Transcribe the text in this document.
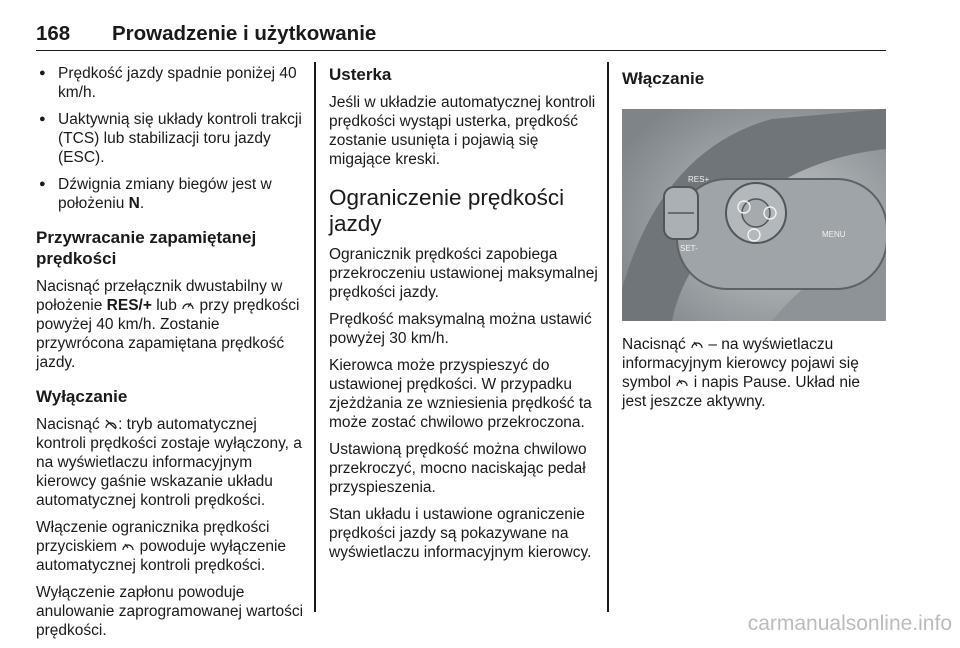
168 Prowadzenie i użytkowanie
● Prędkość jazdy spadnie poniżej 40 km/h.
● Uaktywnią się układy kontroli trakcji (TCS) lub stabilizacji toru jazdy (ESC).
● Dźwignia zmiany biegów jest w położeniu N.
Przywracanie zapamiętanej prędkości

Nacisnąć przełącznik dwustabilny w położenie RES/+ lub przy prędkości powyżej 40 km/h. Zostanie przywrócona zapamiętana prędkość jazdy.

Wyłączanie

Nacisnąć : tryb automatycznej kontroli prędkości zostaje wyłączony, a na wyświetlaczu informacyjnym kierowcy gaśnie wskazanie układu automatycznej kontroli prędkości.

Włączenie ogranicznika prędkości przyciskiem powoduje wyłączenie automatycznej kontroli prędkości.

Wyłączenie zapłonu powoduje anulowanie zaprogramowanej wartości prędkości.

Usterka

Jeśli w układzie automatycznej kontroli prędkości wystąpi usterka, prędkość zostanie usunięta i pojawią się migające kreski.

Ograniczenie prędkości jazdy

Ogranicznik prędkości zapobiega przekroczeniu ustawionej maksymalnej prędkości jazdy.

Prędkość maksymalną można ustawić powyżej 30 km/h.

Kierowca może przyspieszyć do ustawionej prędkości. W przypadku zjeżdżania ze wzniesienia prędkość ta może zostać chwilowo przekroczona.

Ustawioną prędkość można chwilowo przekroczyć, mocno naciskając pedał przyspieszenia.

Stan układu i ustawione ograniczenie prędkości jazdy są pokazywane na wyświetlaczu informacyjnym kierowcy.

Włączanie
RES+
SET-
MENU

Nacisnąć – na wyświetlaczu informacyjnym kierowcy pojawi się symbol i napis Pause. Układ nie jest jeszcze aktywny.

carmanualsonline.info
